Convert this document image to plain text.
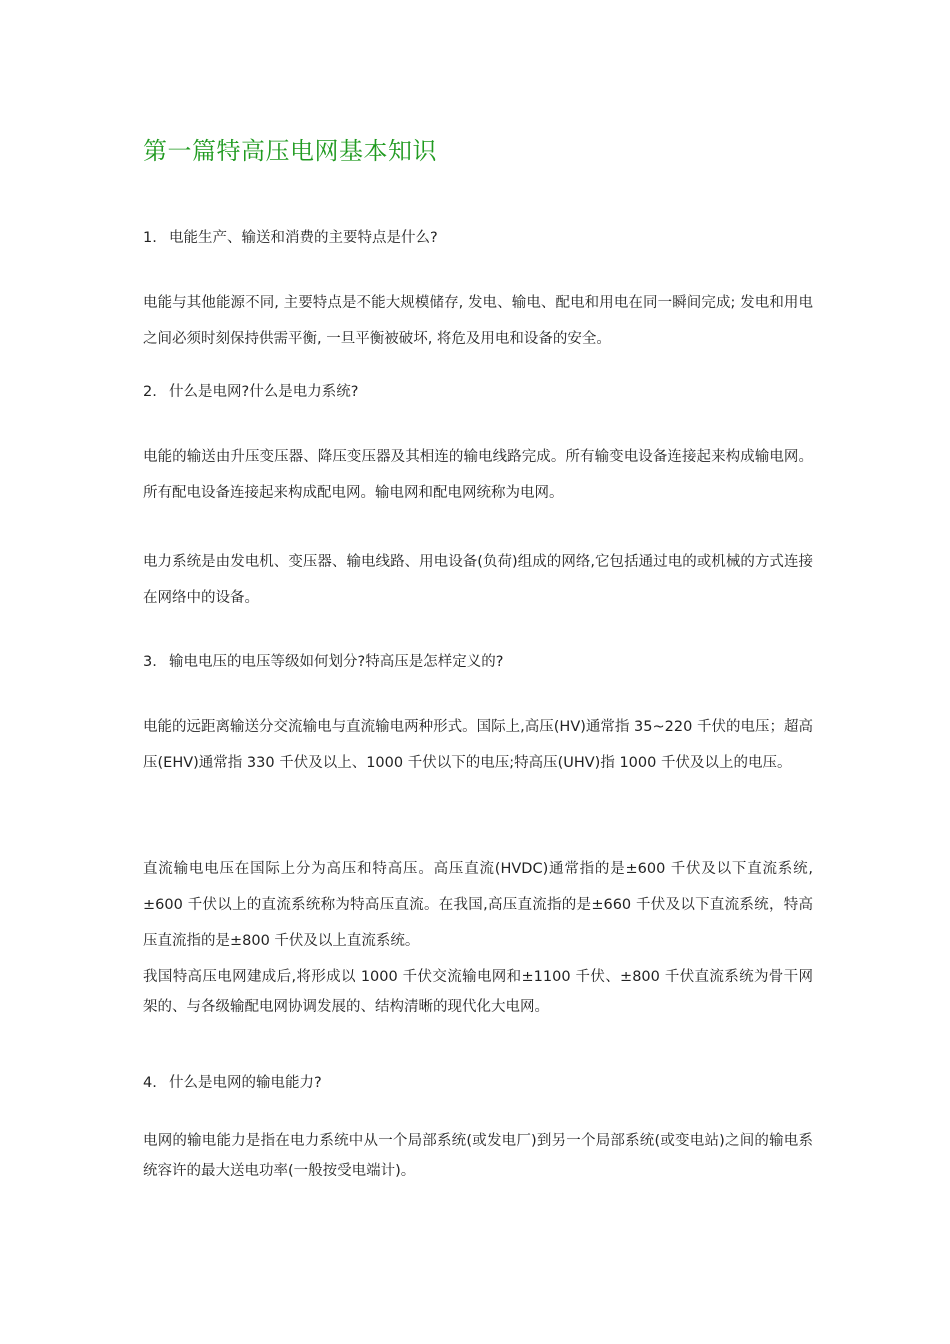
第一篇特高压电网基本知识
1. 电能生产、输送和消费的主要特点是什么?

电能与其他能源不同, 主要特点是不能大规模储存, 发电、输电、配电和用电在同一瞬间完成; 发电和用电之间必须时刻保持供需平衡, 一旦平衡被破坏, 将危及用电和设备的安全。

2. 什么是电网?什么是电力系统?

电能的输送由升压变压器、降压变压器及其相连的输电线路完成。所有输变电设备连接起来构成输电网。所有配电设备连接起来构成配电网。输电网和配电网统称为电网。

电力系统是由发电机、变压器、输电线路、用电设备(负荷)组成的网络,它包括通过电的或机械的方式连接在网络中的设备。

3. 输电电压的电压等级如何划分?特高压是怎样定义的?

电能的远距离输送分交流输电与直流输电两种形式。国际上,高压(HV)通常指 35~220 千伏的电压；超高压(EHV)通常指 330 千伏及以上、1000 千伏以下的电压;特高压(UHV)指 1000 千伏及以上的电压。

直流输电电压在国际上分为高压和特高压。高压直流(HVDC)通常指的是±600 千伏及以下直流系统,±600 千伏以上的直流系统称为特高压直流。在我国,高压直流指的是±660 千伏及以下直流系统，特高压直流指的是±800 千伏及以上直流系统。

我国特高压电网建成后,将形成以 1000 千伏交流输电网和±1100 千伏、±800 千伏直流系统为骨干网架的、与各级输配电网协调发展的、结构清晰的现代化大电网。

4. 什么是电网的输电能力?

电网的输电能力是指在电力系统中从一个局部系统(或发电厂)到另一个局部系统(或变电站)之间的输电系统容许的最大送电功率(一般按受电端计)。
